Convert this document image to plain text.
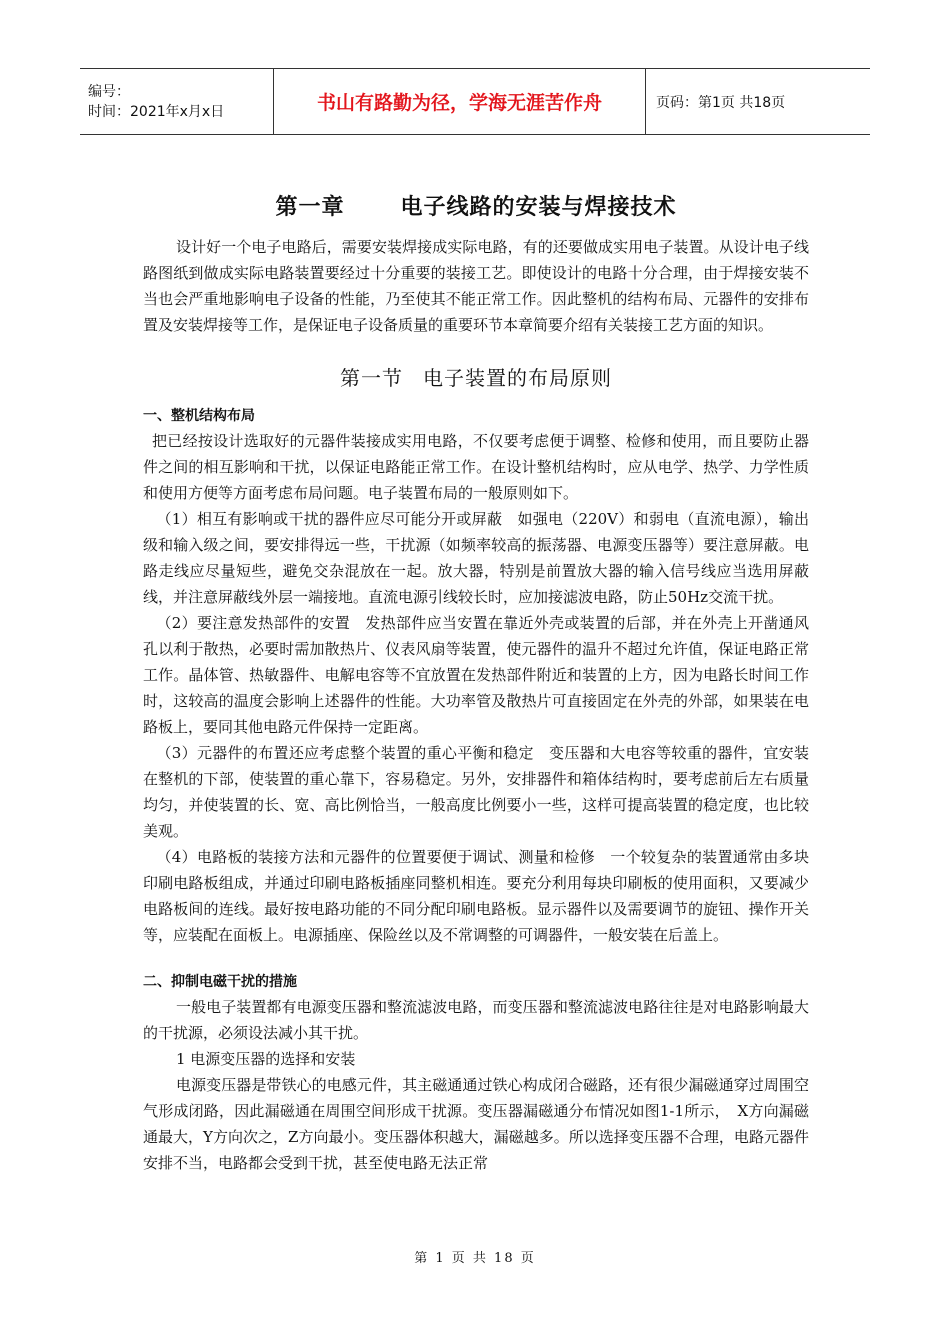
编号：
时间：2021年x月x日	书山有路勤为径，学海无涯苦作舟	页码：第1页 共18页
第一章	电子线路的安装与焊接技术

设计好一个电子电路后，需要安装焊接成实际电路，有的还要做成实用电子装置。从设计电子线路图纸到做成实际电路装置要经过十分重要的装接工艺。即使设计的电路十分合理，由于焊接安装不当也会严重地影响电子设备的性能，乃至使其不能正常工作。因此整机的结构布局、元器件的安排布置及安装焊接等工作，是保证电子设备质量的重要环节本章简要介绍有关装接工艺方面的知识。

第一节 电子装置的布局原则
一、整机结构布局

把已经按设计选取好的元器件装接成实用电路，不仅要考虑便于调整、检修和使用，而且要防止器件之间的相互影响和干扰，以保证电路能正常工作。在设计整机结构时，应从电学、热学、力学性质和使用方便等方面考虑布局问题。电子装置布局的一般原则如下。

（1）相互有影响或干扰的器件应尽可能分开或屏蔽　如强电（220V）和弱电（直流电源），输出级和输入级之间，要安排得远一些，干扰源（如频率较高的振荡器、电源变压器等）要注意屏蔽。电路走线应尽量短些，避免交杂混放在一起。放大器，特别是前置放大器的输入信号线应当选用屏蔽线，并注意屏蔽线外层一端接地。直流电源引线较长时，应加接滤波电路，防止50Hz交流干扰。

（2）要注意发热部件的安置　发热部件应当安置在靠近外壳或装置的后部，并在外壳上开凿通风孔以利于散热，必要时需加散热片、仪表风扇等装置，使元器件的温升不超过允许值，保证电路正常工作。晶体管、热敏器件、电解电容等不宜放置在发热部件附近和装置的上方，因为电路长时间工作时，这较高的温度会影响上述器件的性能。大功率管及散热片可直接固定在外壳的外部，如果装在电路板上，要同其他电路元件保持一定距离。

（3）元器件的布置还应考虑整个装置的重心平衡和稳定　变压器和大电容等较重的器件，宜安装在整机的下部，使装置的重心靠下，容易稳定。另外，安排器件和箱体结构时，要考虑前后左右质量均匀，并使装置的长、宽、高比例恰当，一般高度比例要小一些，这样可提高装置的稳定度，也比较美观。

（4）电路板的装接方法和元器件的位置要便于调试、测量和检修　一个较复杂的装置通常由多块印刷电路板组成，并通过印刷电路板插座同整机相连。要充分利用每块印刷板的使用面积，又要减少电路板间的连线。最好按电路功能的不同分配印刷电路板。显示器件以及需要调节的旋钮、操作开关等，应装配在面板上。电源插座、保险丝以及不常调整的可调器件，一般安装在后盖上。

二、抑制电磁干扰的措施

一般电子装置都有电源变压器和整流滤波电路，而变压器和整流滤波电路往往是对电路影响最大的干扰源，必须设法减小其干扰。

1 电源变压器的选择和安装

电源变压器是带铁心的电感元件，其主磁通通过铁心构成闭合磁路，还有很少漏磁通穿过周围空气形成闭路，因此漏磁通在周围空间形成干扰源。变压器漏磁通分布情况如图1-1所示，　X方向漏磁通最大，Y方向次之，Z方向最小。变压器体积越大，漏磁越多。所以选择变压器不合理，电路元器件安排不当，电路都会受到干扰，甚至使电路无法正常

第 1 页 共 18 页
